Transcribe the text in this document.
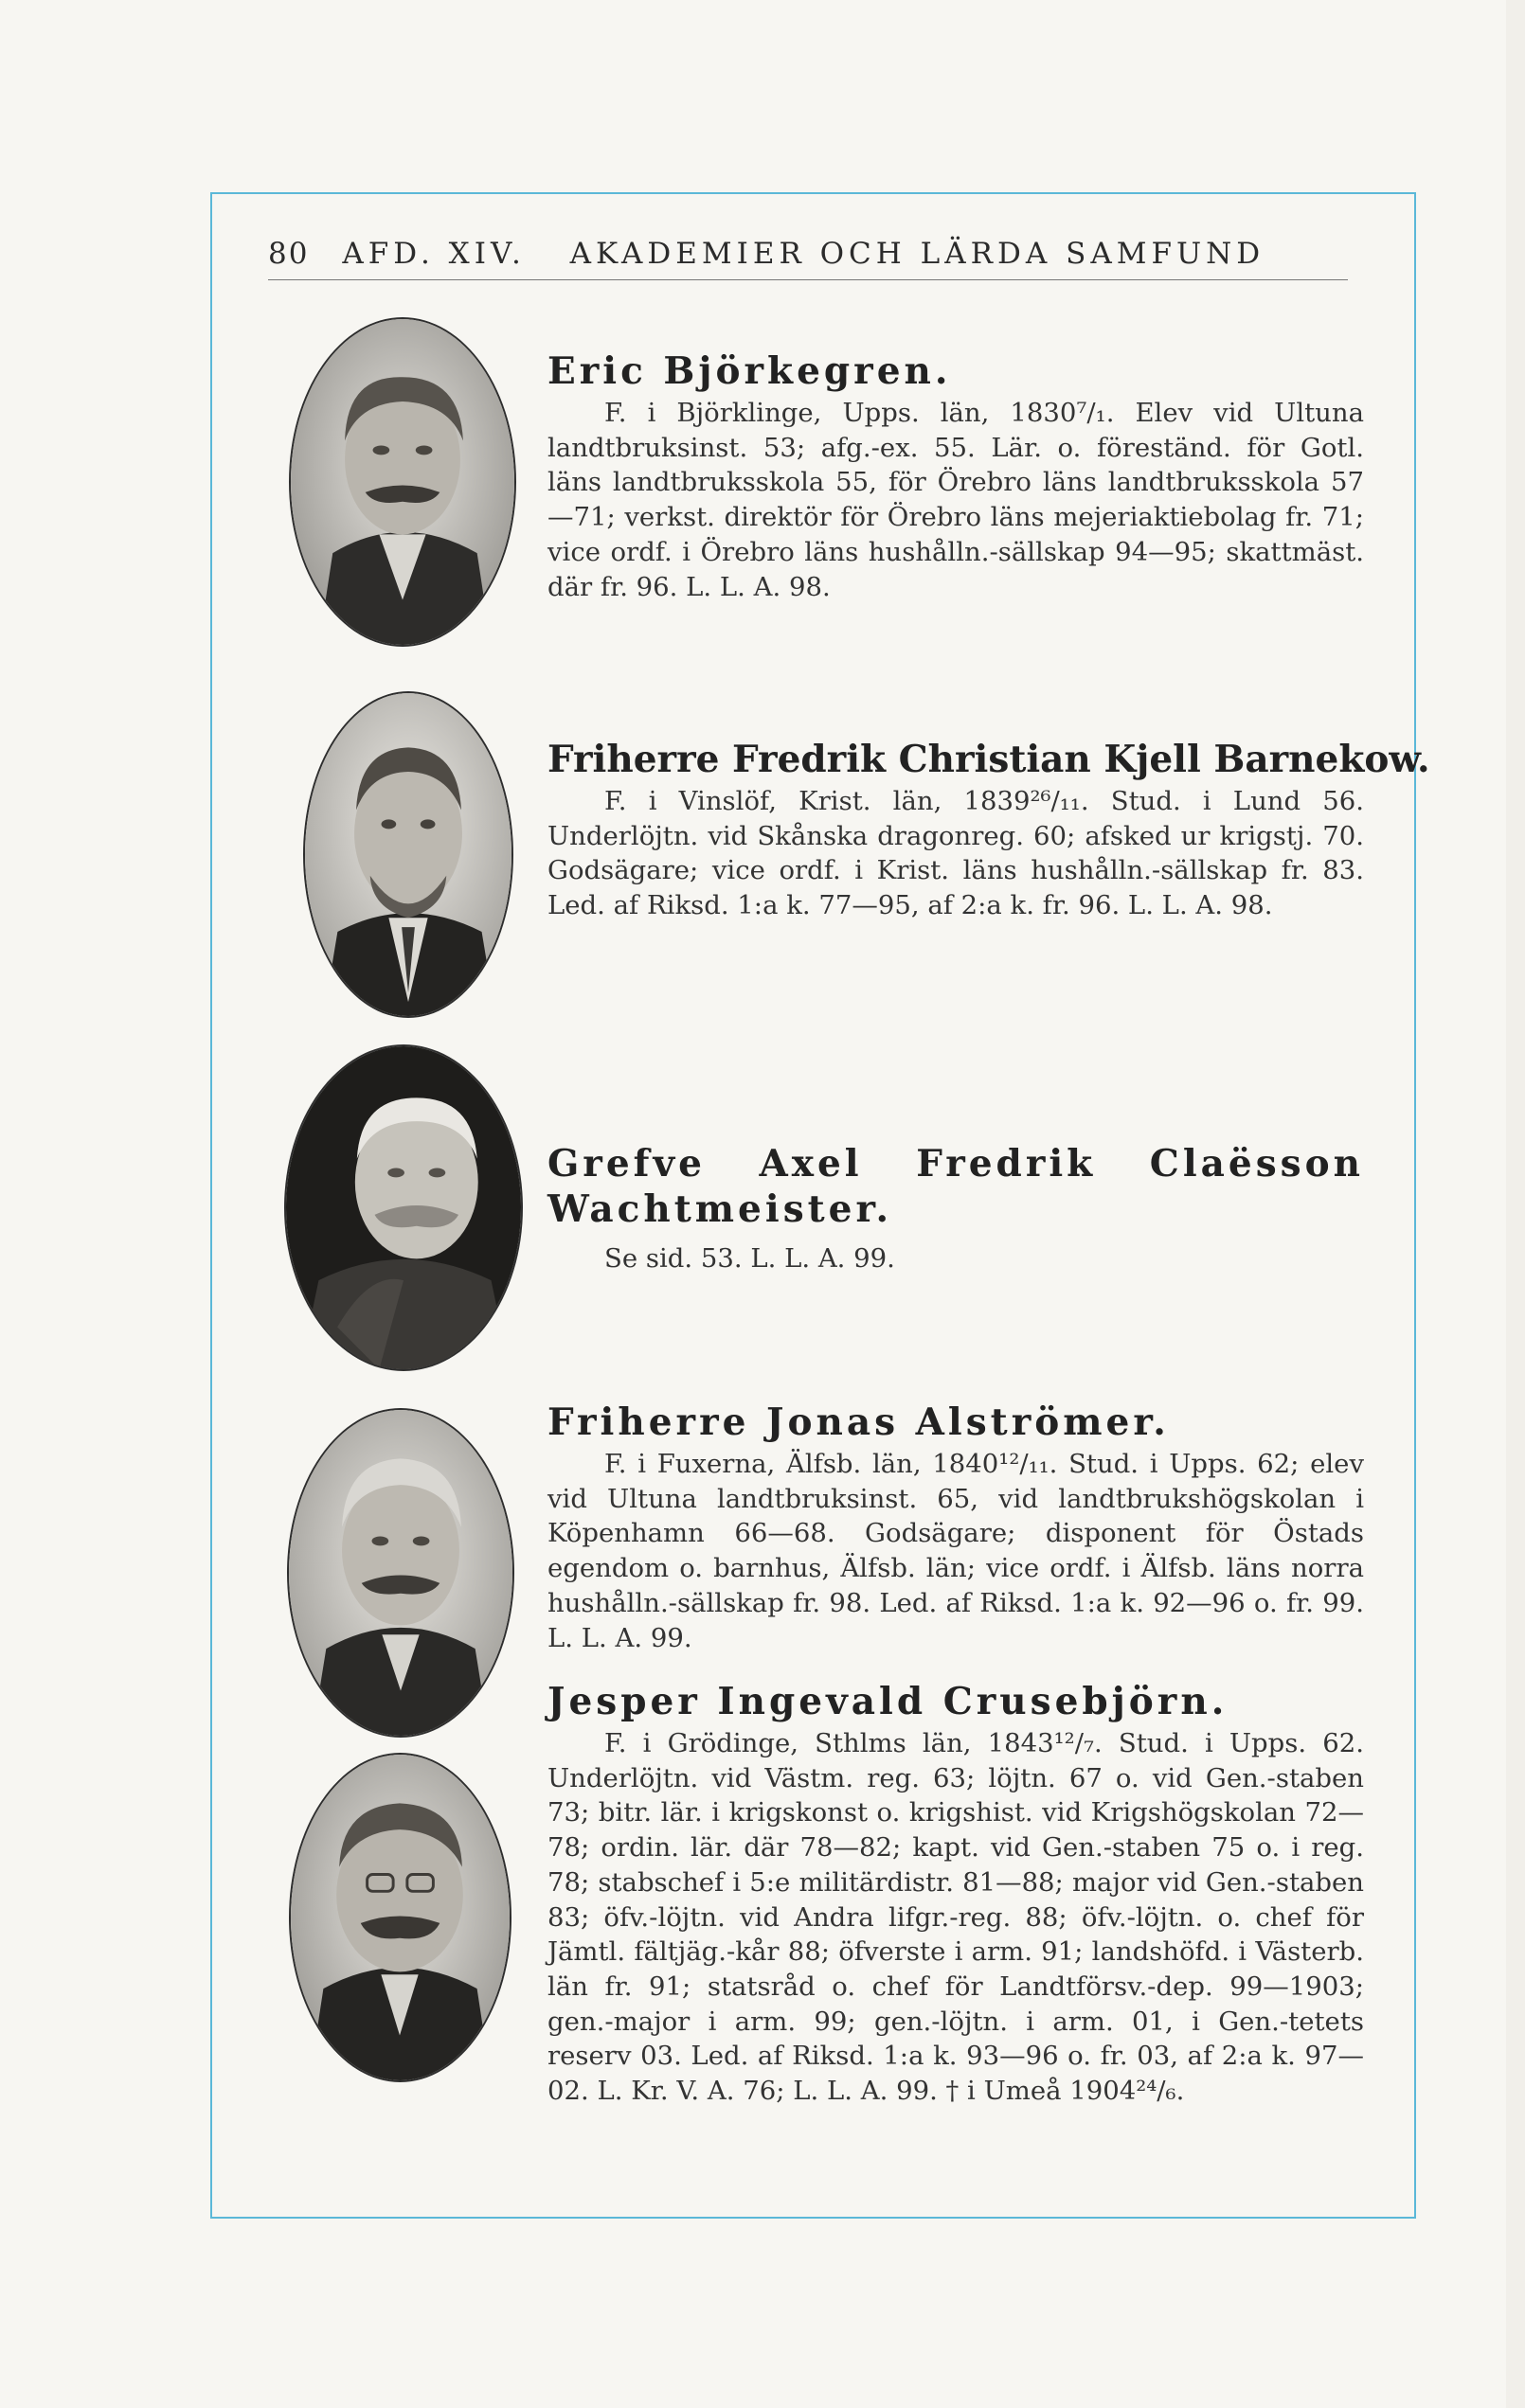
80 AFD. XIV. AKADEMIER OCH LÄRDA SAMFUND
Eric Björkegren.

F. i Björklinge, Upps. län, 1830⁷/₁. Elev vid Ultuna landtbruksinst. 53; afg.-ex. 55. Lär. o. föreständ. för Gotl. läns landtbruksskola 55, för Örebro läns landtbruksskola 57—71; verkst. direktör för Örebro läns mejeriaktiebolag fr. 71; vice ordf. i Örebro läns hushålln.-sällskap 94—95; skattmäst. där fr. 96. L. L. A. 98.

Friherre Fredrik Christian Kjell Barnekow.

F. i Vinslöf, Krist. län, 1839²⁶/₁₁. Stud. i Lund 56. Underlöjtn. vid Skånska dragonreg. 60; afsked ur krigstj. 70. Godsägare; vice ordf. i Krist. läns hushålln.-sällskap fr. 83. Led. af Riksd. 1:a k. 77—95, af 2:a k. fr. 96. L. L. A. 98.

Grefve Axel Fredrik Claësson Wachtmeister.

Se sid. 53. L. L. A. 99.

Friherre Jonas Alströmer.

F. i Fuxerna, Älfsb. län, 1840¹²/₁₁. Stud. i Upps. 62; elev vid Ultuna landtbruksinst. 65, vid landtbrukshögskolan i Köpenhamn 66—68. Godsägare; disponent för Östads egendom o. barnhus, Älfsb. län; vice ordf. i Älfsb. läns norra hushålln.-sällskap fr. 98. Led. af Riksd. 1:a k. 92—96 o. fr. 99. L. L. A. 99.

Jesper Ingevald Crusebjörn.

F. i Grödinge, Sthlms län, 1843¹²/₇. Stud. i Upps. 62. Underlöjtn. vid Västm. reg. 63; löjtn. 67 o. vid Gen.-staben 73; bitr. lär. i krigskonst o. krigshist. vid Krigshögskolan 72—78; ordin. lär. där 78—82; kapt. vid Gen.-staben 75 o. i reg. 78; stabschef i 5:e militärdistr. 81—88; major vid Gen.-staben 83; öfv.-löjtn. vid Andra lifgr.-reg. 88; öfv.-löjtn. o. chef för Jämtl. fältjäg.-kår 88; öfverste i arm. 91; landshöfd. i Västerb. län fr. 91; statsråd o. chef för Landtförsv.-dep. 99—1903; gen.-major i arm. 99; gen.-löjtn. i arm. 01, i Gen.-tetets reserv 03. Led. af Riksd. 1:a k. 93—96 o. fr. 03, af 2:a k. 97—02. L. Kr. V. A. 76; L. L. A. 99. † i Umeå 1904²⁴/₆.
